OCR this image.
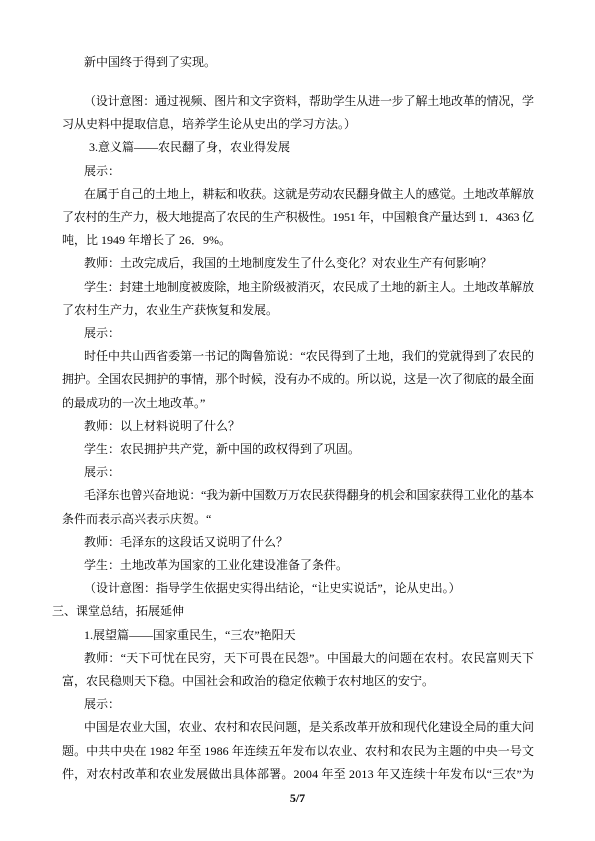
新中国终于得到了实现。
（设计意图：通过视频、图片和文字资料，帮助学生从进一步了解土地改革的情况，学
习从史料中提取信息，培养学生论从史出的学习方法。）
3.意义篇——农民翻了身，农业得发展
展示：
在属于自己的土地上，耕耘和收获。这就是劳动农民翻身做主人的感觉。土地改革解放
了农村的生产力，极大地提高了农民的生产积极性。1951 年，中国粮食产量达到 1．4363 亿
吨，比 1949 年增长了 26．9%。
教师：土改完成后，我国的土地制度发生了什么变化？对农业生产有何影响？
学生：封建土地制度被废除，地主阶级被消灭，农民成了土地的新主人。土地改革解放
了农村生产力，农业生产获恢复和发展。
展示：
时任中共山西省委第一书记的陶鲁笳说：“农民得到了土地，我们的党就得到了农民的
拥护。全国农民拥护的事情，那个时候，没有办不成的。所以说，这是一次了彻底的最全面
的最成功的一次土地改革。”
教师：以上材料说明了什么？
学生：农民拥护共产党，新中国的政权得到了巩固。
展示：
毛泽东也曾兴奋地说：“我为新中国数万万农民获得翻身的机会和国家获得工业化的基本
条件而表示高兴表示庆贺。“
教师：毛泽东的这段话又说明了什么？
学生：土地改革为国家的工业化建设准备了条件。
（设计意图：指导学生依据史实得出结论，“让史实说话”，论从史出。）
三、课堂总结，拓展延伸
1.展望篇——国家重民生，“三农”艳阳天
教师：“天下可忧在民穷，天下可畏在民怨”。中国最大的问题在农村。农民富则天下
富，农民稳则天下稳。中国社会和政治的稳定依赖于农村地区的安宁。
展示：
中国是农业大国，农业、农村和农民问题，是关系改革开放和现代化建设全局的重大问
题。中共中央在 1982 年至 1986 年连续五年发布以农业、农村和农民为主题的中央一号文
件，对农村改革和农业发展做出具体部署。2004 年至 2013 年又连续十年发布以“三农”为
5/7
